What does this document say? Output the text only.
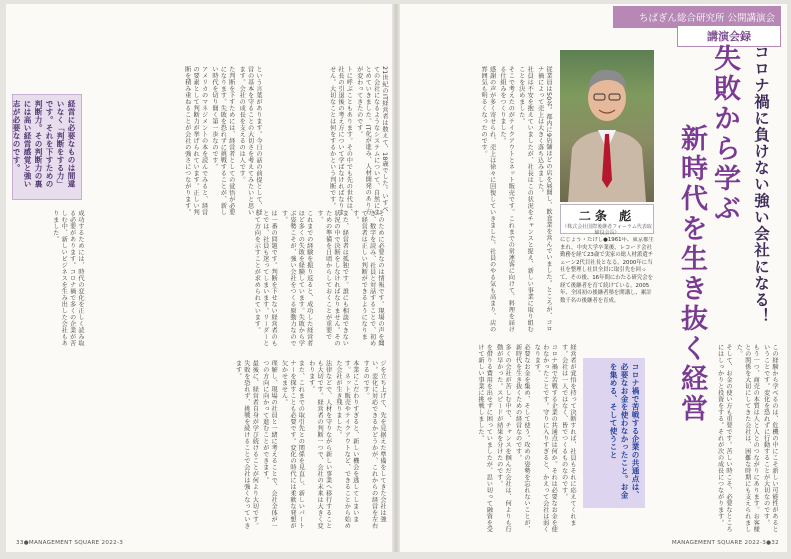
21世紀のIT経営者は数えて、18歳でした。いすべての会社になるようなシステムについて、自然にまとめていきました。IT化が進み、人材開発のあり方が変わってきたのです。

トに呼ぶこともあります。その中でも先の世代は、社長の引退後の考え方について学ばなければなりません。大切なことは何をするかという判断です。

という言葉があります。今日の話の前提として、経営の基本を守ることの大切さを考えてみたいと思います。会社の成長を支えるのは人です。

た判断を下すためには、経営者としての覚悟が必要になります。失敗を恐れずに挑戦することが、新しい時代を切り開く第一歩なのです。

アメリカのマネジメントの本を読んでみると、経営の要素として判断力が挙げられています。正しい判断を積み重ねることが会社の強さにつながります。

そのために必要なのは情報です。現場の声を聞き、数字を読み、社員と対話することで、初めて経営者は正しい判断ができるようになります。

また、経営者は孤独です。誰にも相談できない状況の中で決断をしなければなりません。そのための準備を日頃からしておくことが重要です。

これまでの経験を振り返ると、成功した経営者ほど多くの失敗を経験しています。失敗から学ぶ姿勢こそが、強い会社をつくる原動力なのです。

は一番の問題です。判断を下せない経営者のもとでは、社員も迷ってしまいます。リーダーとして方向を示すことが求められています。

成功するためには、時代の変化を正しく読み取る必要があります。コロナ禍で多くの企業が苦しむ中、新しいビジネスを生み出した会社もありました。

ジを立ち上げて、先を見据えた準備をしてきた会社は強い。変化に対応できるかどうかが、これからの経営を左右するのです。

本業にこだわりすぎると、新しい機会を逃してしまいます。ネット販売やテイクアウトなど、できることから始めた会社が生き残りました。

法律などで、人材を守りながら新しい事業へ移行することも大切です。経営者の判断一つで、会社の未来は大きく変わります。

また、これまでの取引先との関係を見直し、新しいパートナーを探すことも必要です。変化の時代には柔軟な発想が欠かせません。

理解し、現場の社員と一緒に考えることで、会社全体が一つの方向に向かって進むことができます。

最後に、経営者自身が学び続けることが何より大切です。失敗を恐れず、挑戦を続けることで会社は強くなっていきます。

経営に必要なものは間違いなく「判断をする力」です。それを下すための判断力。その判断力の裏には高い経営感覚と強い志が必要なのです。
33●MANAGEMENT SQUARE 2022-3
ちばぎん総合研究所 公開講演会
講演会録
コロナ禍に負けない強い会社になる！
失敗から学ぶ
新時代を生き抜く経営
二条 彪
（株式会社国際後継者フォーラム代表取締役会長）
にじょう・たけし●1961年、東京都生まれ。中央大学卒業後、レコード会社勤務を経て23歳で実家の総人材派遣チェーン2代目社長となる。2000年に当社を整理し社員全員に取引先を回って、その後、16年間にわたる研究会を経て後継者を育て続けている。2005年、全国初の後継者塾を開講し、累計数千名の後継者を育成。

従業員は50名。都内に9店舗ほどの店を展開し、飲食業を営んでいました。ところが、コロナ禍によって売上は大きく落ち込みました。

社員は不安を抱えていましたが、社長はこの状況をチャンスと捉え、新しい事業に取り組むことを決めました。

そこで考えたのがテイクアウトとネット販売です。これまでの常連客に向けて、料理を届ける仕組みをつくりました。

感謝の声が多く寄せられ、売上は徐々に回復していきました。社員のやる気も高まり、店の雰囲気も明るくなったのです。

この経験から学べるのは、危機の中にこそ新しい可能性があるということです。変化を恐れずに行動することが大切なのです。

もう一つ、商売の本質は人と人とのつながりにあります。お客様との関係を大切にしてきた会社は、困難な時期にも支えられました。

そして、お金の使い方も重要です。苦しい時こそ、必要なところにはしっかりと投資をする。それが次の成長につながります。

経営者が覚悟を持って決断すれば、社員もそれに応えてくれます。会社は一人ではなく、皆でつくるものなのです。

コロナ禍で苦戦する企業の共通点は何か。それは必要なお金を使わなかったことです。守りに入りすぎると、かえって会社は弱くなります。

必要なお金を集め、そして使う。攻めの姿勢を忘れないことが、新時代を生き抜くための経営なのです。

多くの会社が苦しむ中で、チャンスを掴んだ会社は、何よりも行動が早かった。スピードが結果を分けたのです。

を借りる費用を出せずに困っていましたが、思い切って融資を受けて新しい事業に挑戦しました。	コロナ禍で苦戦する企業の共通点は、必要なお金を使わなかったこと。お金を集める、そして使うこと
MANAGEMENT SQUARE 2022-3●32
